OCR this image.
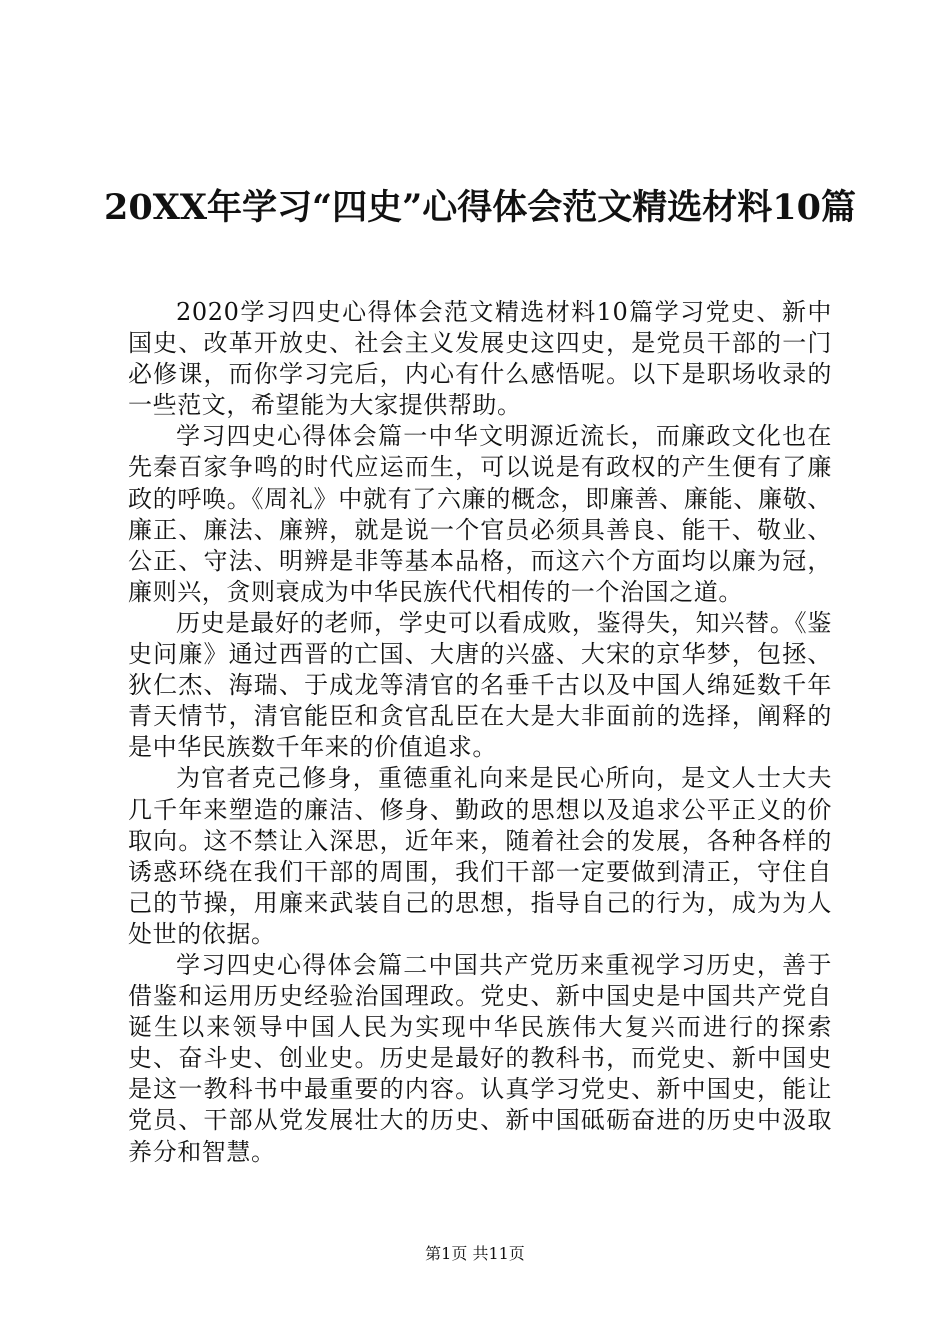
20XX年学习“四史”心得体会范文精选材料10篇

2020学习四史心得体会范文精选材料10篇学习党史、新中国史、改革开放史、社会主义发展史这四史，是党员干部的一门必修课，而你学习完后，内心有什么感悟呢。以下是职场收录的一些范文，希望能为大家提供帮助。

学习四史心得体会篇一中华文明源近流长，而廉政文化也在先秦百家争鸣的时代应运而生，可以说是有政权的产生便有了廉政的呼唤。《周礼》中就有了六廉的概念，即廉善、廉能、廉敬、廉正、廉法、廉辨，就是说一个官员必须具善良、能干、敬业、公正、守法、明辨是非等基本品格，而这六个方面均以廉为冠，廉则兴，贪则衰成为中华民族代代相传的一个治国之道。

历史是最好的老师，学史可以看成败，鉴得失，知兴替。《鉴史问廉》通过西晋的亡国、大唐的兴盛、大宋的京华梦，包拯、狄仁杰、海瑞、于成龙等清官的名垂千古以及中国人绵延数千年青天情节，清官能臣和贪官乱臣在大是大非面前的选择，阐释的是中华民族数千年来的价值追求。

为官者克己修身，重德重礼向来是民心所向，是文人士大夫几千年来塑造的廉洁、修身、勤政的思想以及追求公平正义的价取向。这不禁让入深思，近年来，随着社会的发展，各种各样的诱惑环绕在我们干部的周围，我们干部一定要做到清正，守住自己的节操，用廉来武装自己的思想，指导自己的行为，成为为人处世的依据。

学习四史心得体会篇二中国共产党历来重视学习历史，善于借鉴和运用历史经验治国理政。党史、新中国史是中国共产党自诞生以来领导中国人民为实现中华民族伟大复兴而进行的探索史、奋斗史、创业史。历史是最好的教科书，而党史、新中国史是这一教科书中最重要的内容。认真学习党史、新中国史，能让党员、干部从党发展壮大的历史、新中国砥砺奋进的历史中汲取养分和智慧。

第1页 共11页
